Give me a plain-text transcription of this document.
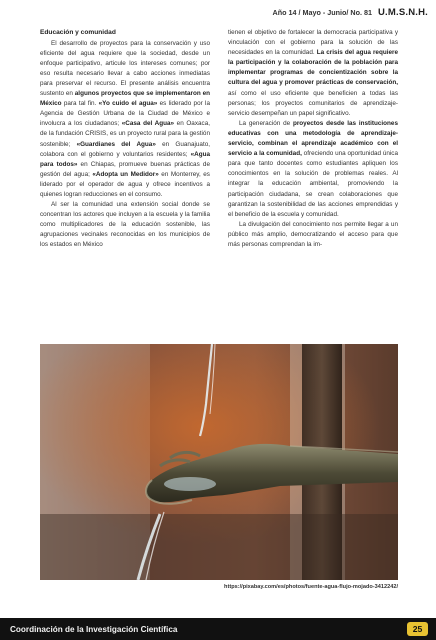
Año 14 / Mayo - Junio/ No. 81 U.M.S.N.H.
Educación y comunidad

El desarrollo de proyectos para la conservación y uso eficiente del agua requiere que la sociedad, desde un enfoque participativo, articule los intereses comunes; por eso resulta necesario llevar a cabo acciones inmediatas para preservar el recurso. El presente análisis encuentra sustento en algunos proyectos que se implementaron en México para tal fin. «Yo cuido el agua» es liderado por la Agencia de Gestión Urbana de la Ciudad de México e involucra a los ciudadanos; «Casa del Agua» en Oaxaca, de la fundación CRISIS, es un proyecto rural para la gestión sostenible; «Guardianes del Agua» en Guanajuato, colabora con el gobierno y voluntarios residentes; «Agua para todos» en Chiapas, promueve buenas prácticas de gestión del agua; «Adopta un Medidor» en Monterrey, es liderado por el operador de agua y ofrece incentivos a quienes logran reducciones en el consumo.

Al ser la comunidad una extensión social donde se concentran los actores que incluyen a la escuela y la familia como multiplicadores de la educación sostenible, las agrupaciones vecinales reconocidas en los municipios de los estados en México

tienen el objetivo de fortalecer la democracia participativa y vinculación con el gobierno para la solución de las necesidades en la comunidad. La crisis del agua requiere la participación y la colaboración de la población para implementar programas de concientización sobre la cultura del agua y promover prácticas de conservación, así como el uso eficiente que beneficien a todas las personas; los proyectos comunitarios de aprendizaje-servicio desempeñan un papel significativo.

La generación de proyectos desde las instituciones educativas con una metodología de aprendizaje-servicio, combinan el aprendizaje académico con el servicio a la comunidad, ofreciendo una oportunidad única para que tanto docentes como estudiantes apliquen los conocimientos en la solución de problemas reales. Al integrar la educación ambiental, promoviendo la participación ciudadana, se crean colaboraciones que garantizan la sostenibilidad de las acciones emprendidas y el beneficio de la escuela y comunidad.

La divulgación del conocimiento nos permite llegar a un público más amplio, democratizando el acceso para que más personas comprendan la im-

https://pixabay.com/es/photos/fuente-agua-flujo-mojado-3412242/
Coordinación de la Investigación Científica	25
